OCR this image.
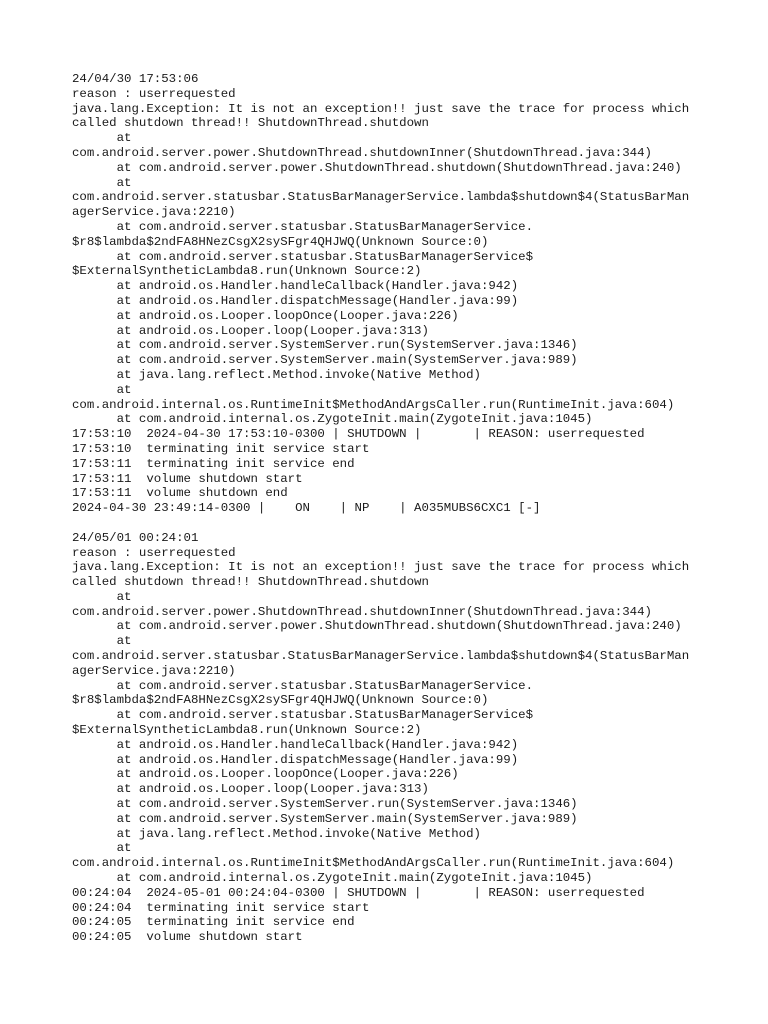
24/04/30 17:53:06
reason : userrequested
java.lang.Exception: It is not an exception!! just save the trace for process which
called shutdown thread!! ShutdownThread.shutdown
at
com.android.server.power.ShutdownThread.shutdownInner(ShutdownThread.java:344)
at com.android.server.power.ShutdownThread.shutdown(ShutdownThread.java:240)
at
com.android.server.statusbar.StatusBarManagerService.lambda$shutdown$4(StatusBarMan
agerService.java:2210)
at com.android.server.statusbar.StatusBarManagerService.
$r8$lambda$2ndFA8HNezCsgX2sySFgr4QHJWQ(Unknown Source:0)
at com.android.server.statusbar.StatusBarManagerService$
$ExternalSyntheticLambda8.run(Unknown Source:2)
at android.os.Handler.handleCallback(Handler.java:942)
at android.os.Handler.dispatchMessage(Handler.java:99)
at android.os.Looper.loopOnce(Looper.java:226)
at android.os.Looper.loop(Looper.java:313)
at com.android.server.SystemServer.run(SystemServer.java:1346)
at com.android.server.SystemServer.main(SystemServer.java:989)
at java.lang.reflect.Method.invoke(Native Method)
at
com.android.internal.os.RuntimeInit$MethodAndArgsCaller.run(RuntimeInit.java:604)
at com.android.internal.os.ZygoteInit.main(ZygoteInit.java:1045)
17:53:10  2024-04-30 17:53:10-0300 | SHUTDOWN |       | REASON: userrequested
17:53:10  terminating init service start
17:53:11  terminating init service end
17:53:11  volume shutdown start
17:53:11  volume shutdown end
2024-04-30 23:49:14-0300 |    ON    | NP    | A035MUBS6CXC1 [-]
24/05/01 00:24:01
reason : userrequested
java.lang.Exception: It is not an exception!! just save the trace for process which
called shutdown thread!! ShutdownThread.shutdown
at
com.android.server.power.ShutdownThread.shutdownInner(ShutdownThread.java:344)
at com.android.server.power.ShutdownThread.shutdown(ShutdownThread.java:240)
at
com.android.server.statusbar.StatusBarManagerService.lambda$shutdown$4(StatusBarMan
agerService.java:2210)
at com.android.server.statusbar.StatusBarManagerService.
$r8$lambda$2ndFA8HNezCsgX2sySFgr4QHJWQ(Unknown Source:0)
at com.android.server.statusbar.StatusBarManagerService$
$ExternalSyntheticLambda8.run(Unknown Source:2)
at android.os.Handler.handleCallback(Handler.java:942)
at android.os.Handler.dispatchMessage(Handler.java:99)
at android.os.Looper.loopOnce(Looper.java:226)
at android.os.Looper.loop(Looper.java:313)
at com.android.server.SystemServer.run(SystemServer.java:1346)
at com.android.server.SystemServer.main(SystemServer.java:989)
at java.lang.reflect.Method.invoke(Native Method)
at
com.android.internal.os.RuntimeInit$MethodAndArgsCaller.run(RuntimeInit.java:604)
at com.android.internal.os.ZygoteInit.main(ZygoteInit.java:1045)
00:24:04  2024-05-01 00:24:04-0300 | SHUTDOWN |       | REASON: userrequested
00:24:04  terminating init service start
00:24:05  terminating init service end
00:24:05  volume shutdown start
